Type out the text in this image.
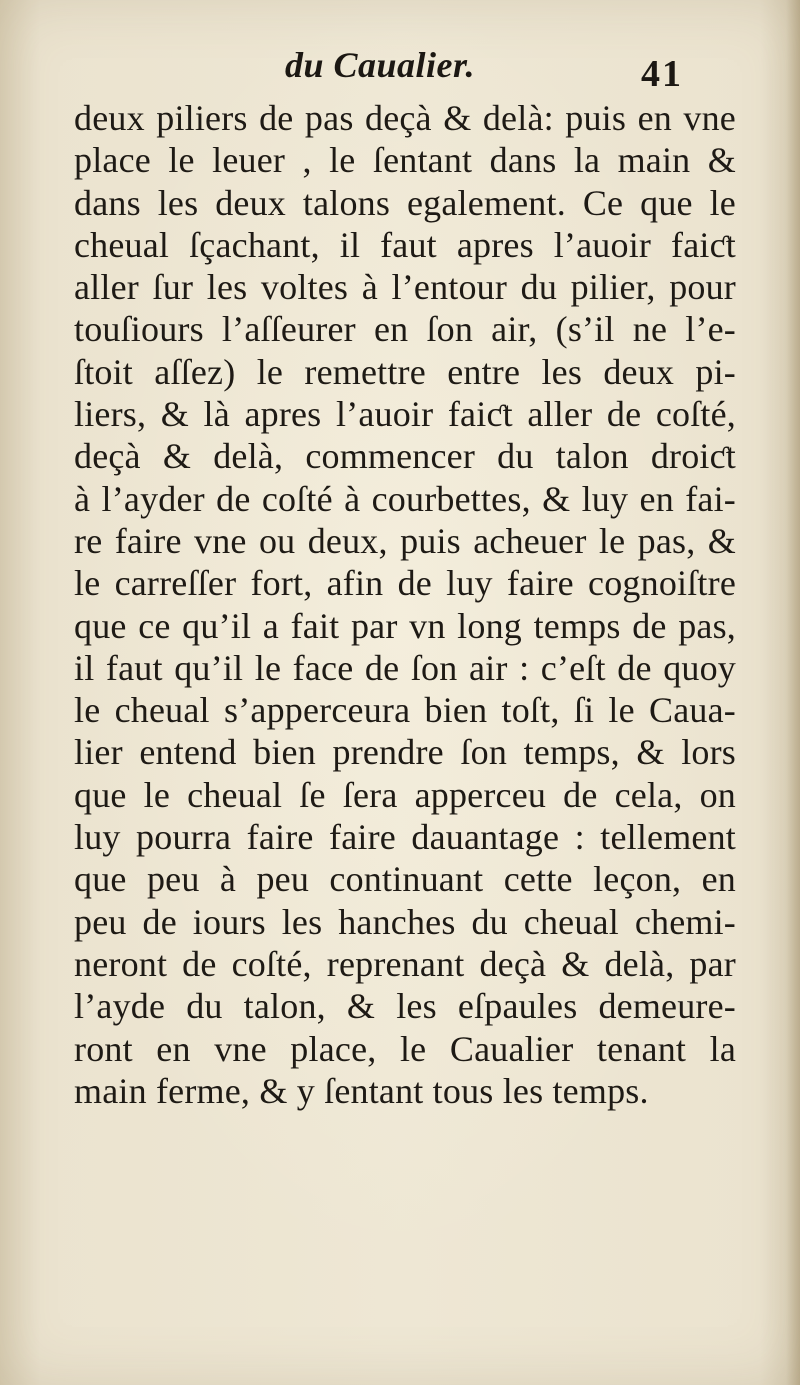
du Caualier.	41
deux piliers de pas deçà & delà: puis en vne
place le leuer , le ſentant dans la main &
dans les deux talons egalement. Ce que le
cheual ſçachant, il faut apres l’auoir faiƈt
aller ſur les voltes à l’entour du pilier, pour
touſiours l’aſſeurer en ſon air, (s’il ne l’e-
ſtoit aſſez) le remettre entre les deux pi-
liers, & là apres l’auoir faiƈt aller de coſté,
deçà & delà, commencer du talon droiƈt
à l’ayder de coſté à courbettes, & luy en fai-
re faire vne ou deux, puis acheuer le pas, &
le carreſſer fort, afin de luy faire cognoiſtre
que ce qu’il a fait par vn long temps de pas,
il faut qu’il le face de ſon air : c’eſt de quoy
le cheual s’apperceura bien toſt, ſi le Caua-
lier entend bien prendre ſon temps, & lors
que le cheual ſe ſera apperceu de cela, on
luy pourra faire faire dauantage : tellement
que peu à peu continuant cette leçon, en
peu de iours les hanches du cheual chemi-
neront de coſté, reprenant deçà & delà, par
l’ayde du talon, & les eſpaules demeure-
ront en vne place, le Caualier tenant la
main ferme, & y ſentant tous les temps.
